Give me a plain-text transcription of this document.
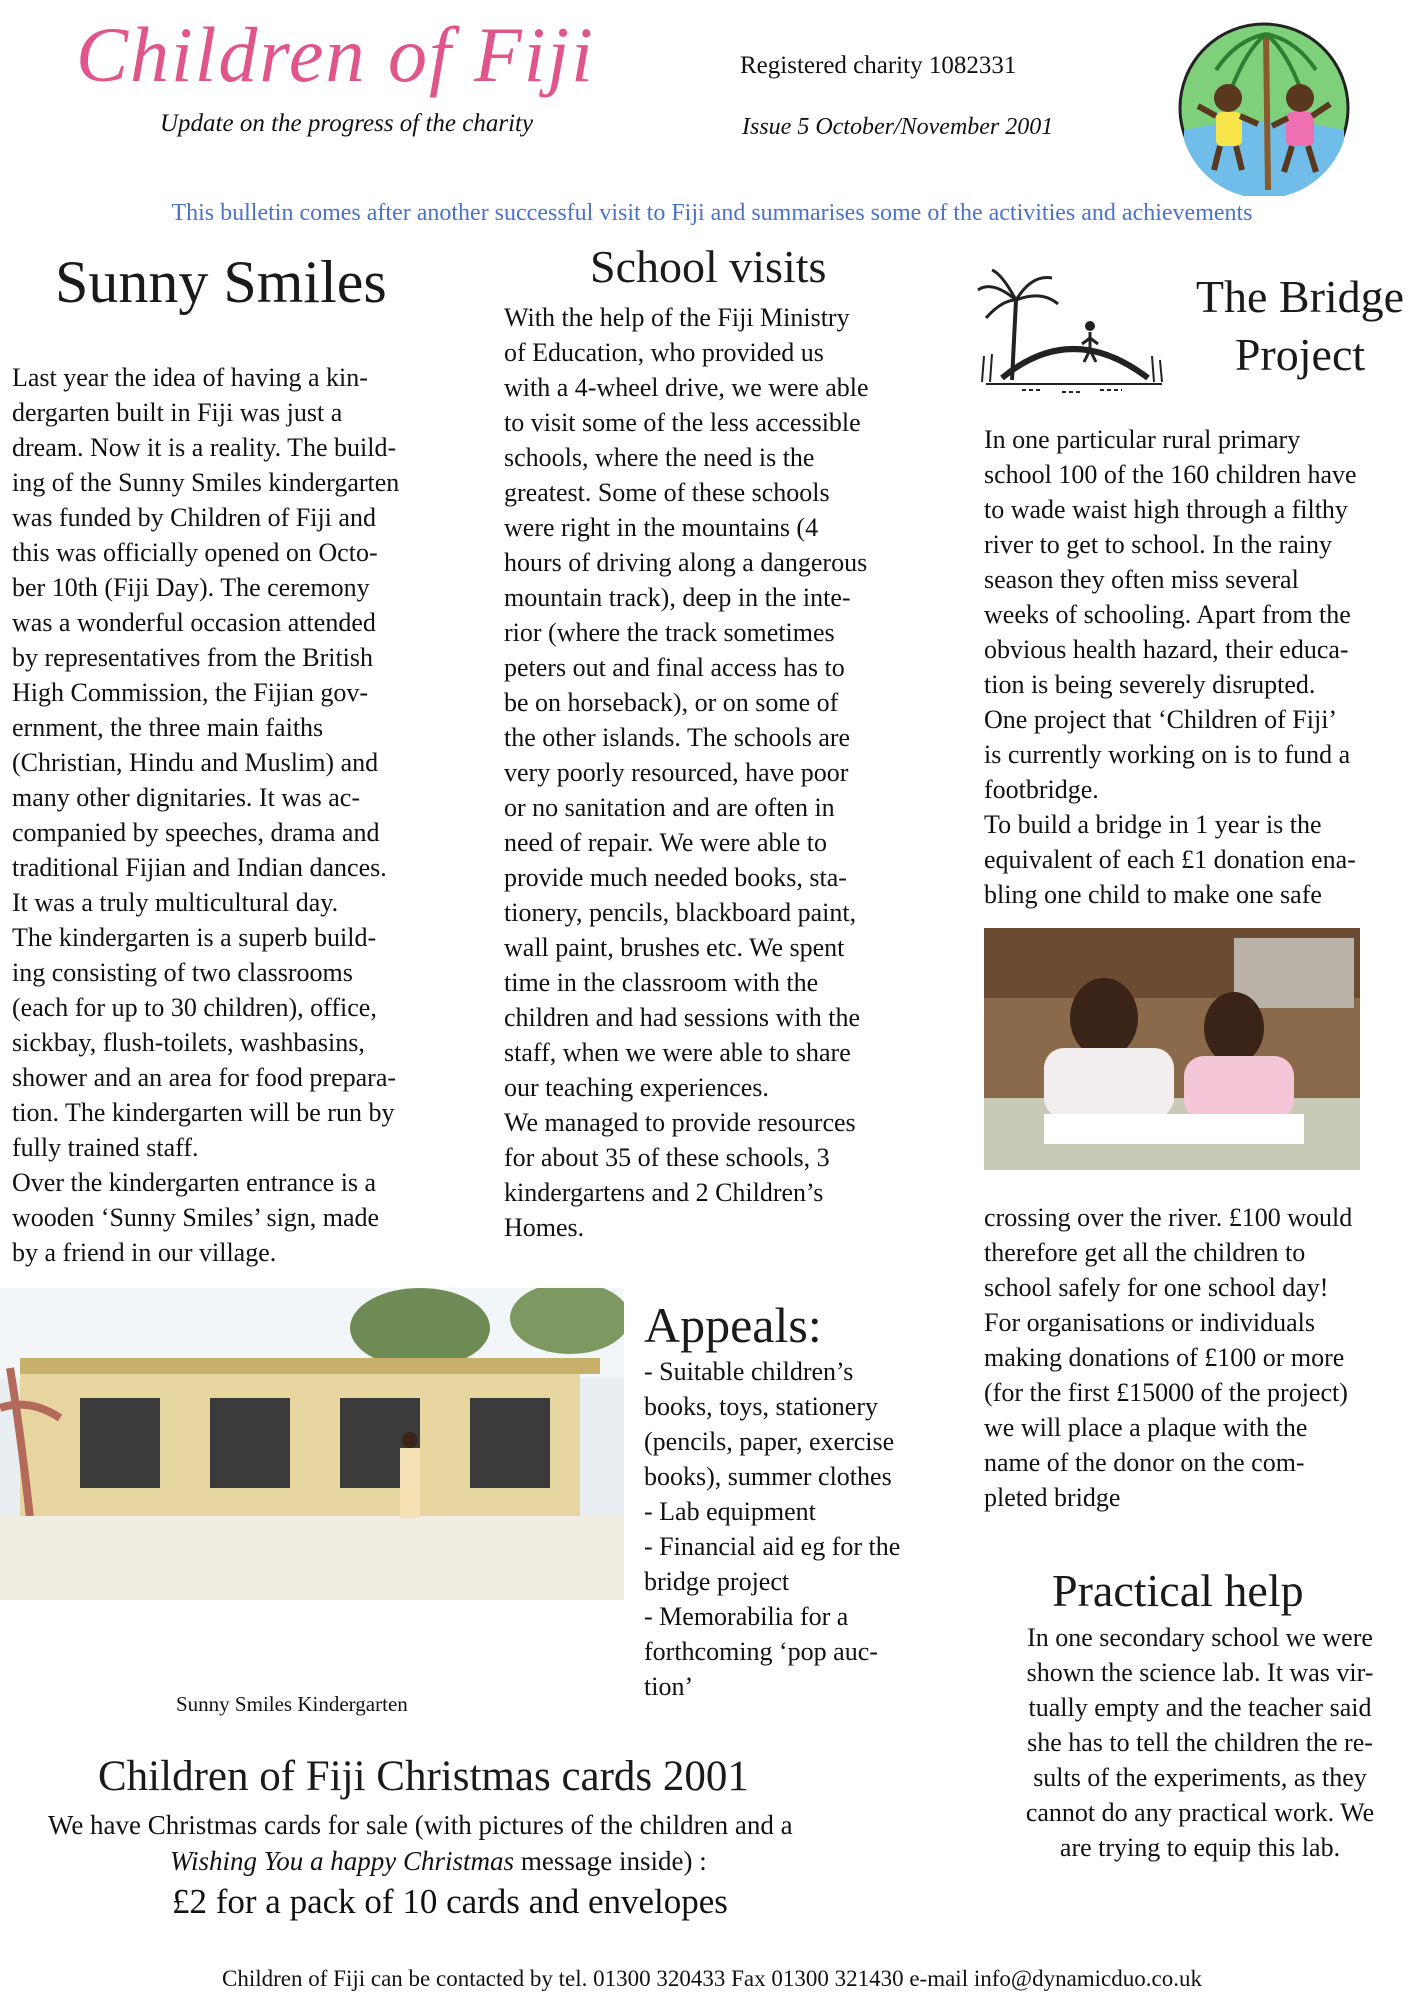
Children of Fiji
Update on the progress of the charity
Registered charity 1082331
Issue 5 October/November 2001
This bulletin comes after another successful visit to Fiji and summarises some of the activities and achievements
Sunny Smiles
Last year the idea of having a kin-
dergarten built in Fiji was just a
dream. Now it is a reality. The build-
ing of the Sunny Smiles kindergarten
was funded by Children of Fiji and
this was officially opened on Octo-
ber 10th (Fiji Day). The ceremony
was a wonderful occasion attended
by representatives from the British
High Commission, the Fijian gov-
ernment, the three main faiths
(Christian, Hindu and Muslim) and
many other dignitaries. It was ac-
companied by speeches, drama and
traditional Fijian and Indian dances.
It was a truly multicultural day.
The kindergarten is a superb build-
ing consisting of two classrooms
(each for up to 30 children), office,
sickbay, flush-toilets, washbasins,
shower and an area for food prepara-
tion. The kindergarten will be run by
fully trained staff.
Over the kindergarten entrance is a
wooden ‘Sunny Smiles’ sign, made
by a friend in our village.
School visits
With the help of the Fiji Ministry
of Education, who provided us
with a 4-wheel drive, we were able
to visit some of the less accessible
schools, where the need is the
greatest. Some of these schools
were right in the mountains (4
hours of driving along a dangerous
mountain track), deep in the inte-
rior (where the track sometimes
peters out and final access has to
be on horseback), or on some of
the other islands. The schools are
very poorly resourced, have poor
or no sanitation and are often in
need of repair. We were able to
provide much needed books, sta-
tionery, pencils, blackboard paint,
wall paint, brushes etc. We spent
time in the classroom with the
children and had sessions with the
staff, when we were able to share
our teaching experiences.
We managed to provide resources
for about 35 of these schools, 3
kindergartens and 2 Children’s
Homes.
The Bridge Project
In one particular rural primary
school 100 of the 160 children have
to wade waist high through a filthy
river to get to school. In the rainy
season they often miss several
weeks of schooling. Apart from the
obvious health hazard, their educa-
tion is being severely disrupted.
One project that ‘Children of Fiji’
is currently working on is to fund a
footbridge.
To build a bridge in 1 year is the
equivalent of each £1 donation ena-
bling one child to make one safe
crossing over the river. £100 would
therefore get all the children to
school safely for one school day!
For organisations or individuals
making donations of £100 or more
(for the first £15000 of the project)
we will place a plaque with the
name of the donor on the com-
pleted bridge
Sunny Smiles Kindergarten
Appeals:
- Suitable children’s
books, toys, stationery
(pencils, paper, exercise
books), summer clothes
- Lab equipment
- Financial aid eg for the
bridge project
- Memorabilia for a
forthcoming ‘pop auc-
tion’
Practical help
In one secondary school we were
shown the science lab. It was vir-
tually empty and the teacher said
she has to tell the children the re-
sults of the experiments, as they
cannot do any practical work. We
are trying to equip this lab.
Children of Fiji Christmas cards 2001
We have Christmas cards for sale (with pictures of the children and a
Wishing You a happy Christmas message inside) :
£2 for a pack of 10 cards and envelopes
Children of Fiji can be contacted by tel. 01300 320433 Fax 01300 321430 e-mail info@dynamicduo.co.uk
